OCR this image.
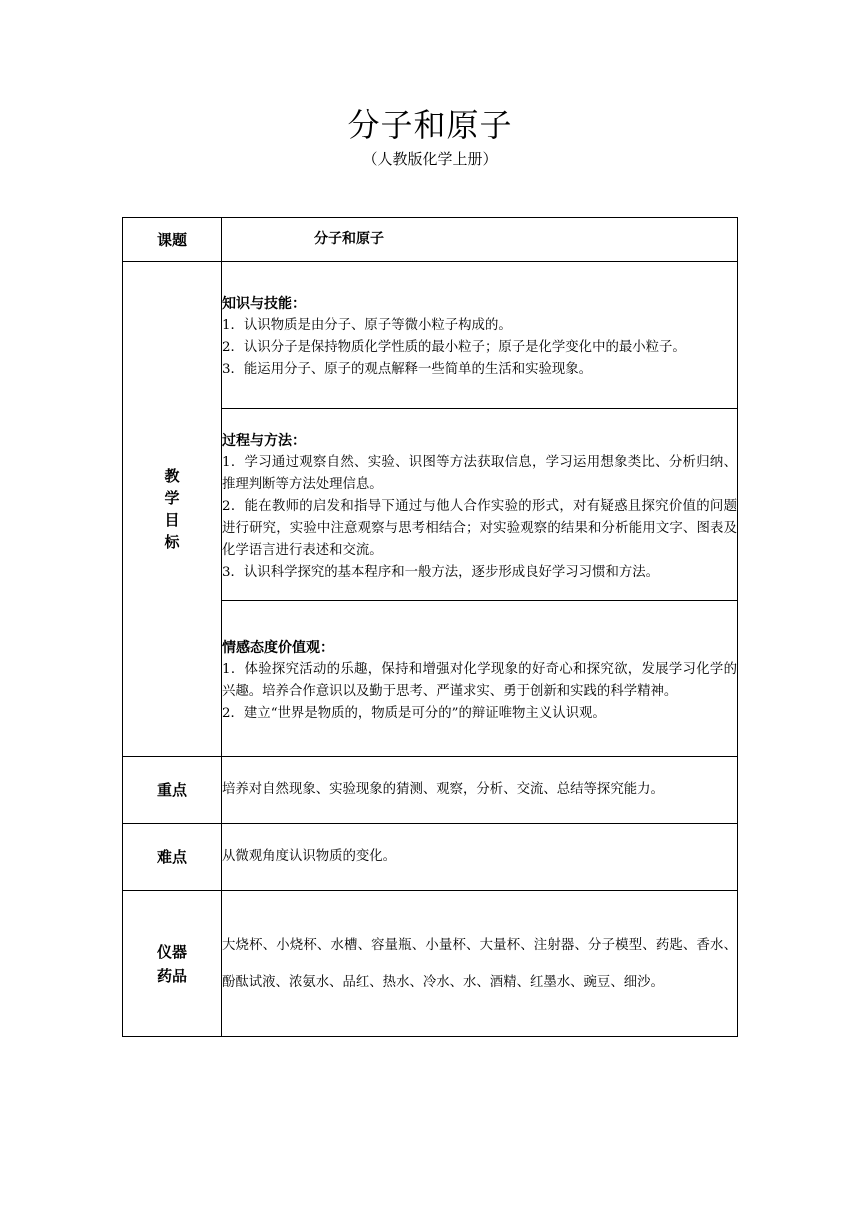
分子和原子
（人教版化学上册）
课题	分子和原子
教学目标	知识与技能：
1．认识物质是由分子、原子等微小粒子构成的。
2．认识分子是保持物质化学性质的最小粒子；原子是化学变化中的最小粒子。
3．能运用分子、原子的观点解释一些简单的生活和实验现象。

	过程与方法：
1．学习通过观察自然、实验、识图等方法获取信息，学习运用想象类比、分析归纳、推理判断等方法处理信息。
2．能在教师的启发和指导下通过与他人合作实验的形式，对有疑惑且探究价值的问题进行研究，实验中注意观察与思考相结合；对实验观察的结果和分析能用文字、图表及化学语言进行表述和交流。
3．认识科学探究的基本程序和一般方法，逐步形成良好学习习惯和方法。

	情感态度价值观：
1．体验探究活动的乐趣，保持和增强对化学现象的好奇心和探究欲，发展学习化学的兴趣。培养合作意识以及勤于思考、严谨求实、勇于创新和实践的科学精神。
2．建立“世界是物质的，物质是可分的”的辩证唯物主义认识观。

重点	培养对自然现象、实验现象的猜测、观察，分析、交流、总结等探究能力。
难点	从微观角度认识物质的变化。
仪器药品	大烧杯、小烧杯、水槽、容量瓶、小量杯、大量杯、注射器、分子模型、药匙、香水、酚酞试液、浓氨水、品红、热水、冷水、水、酒精、红墨水、豌豆、细沙。
